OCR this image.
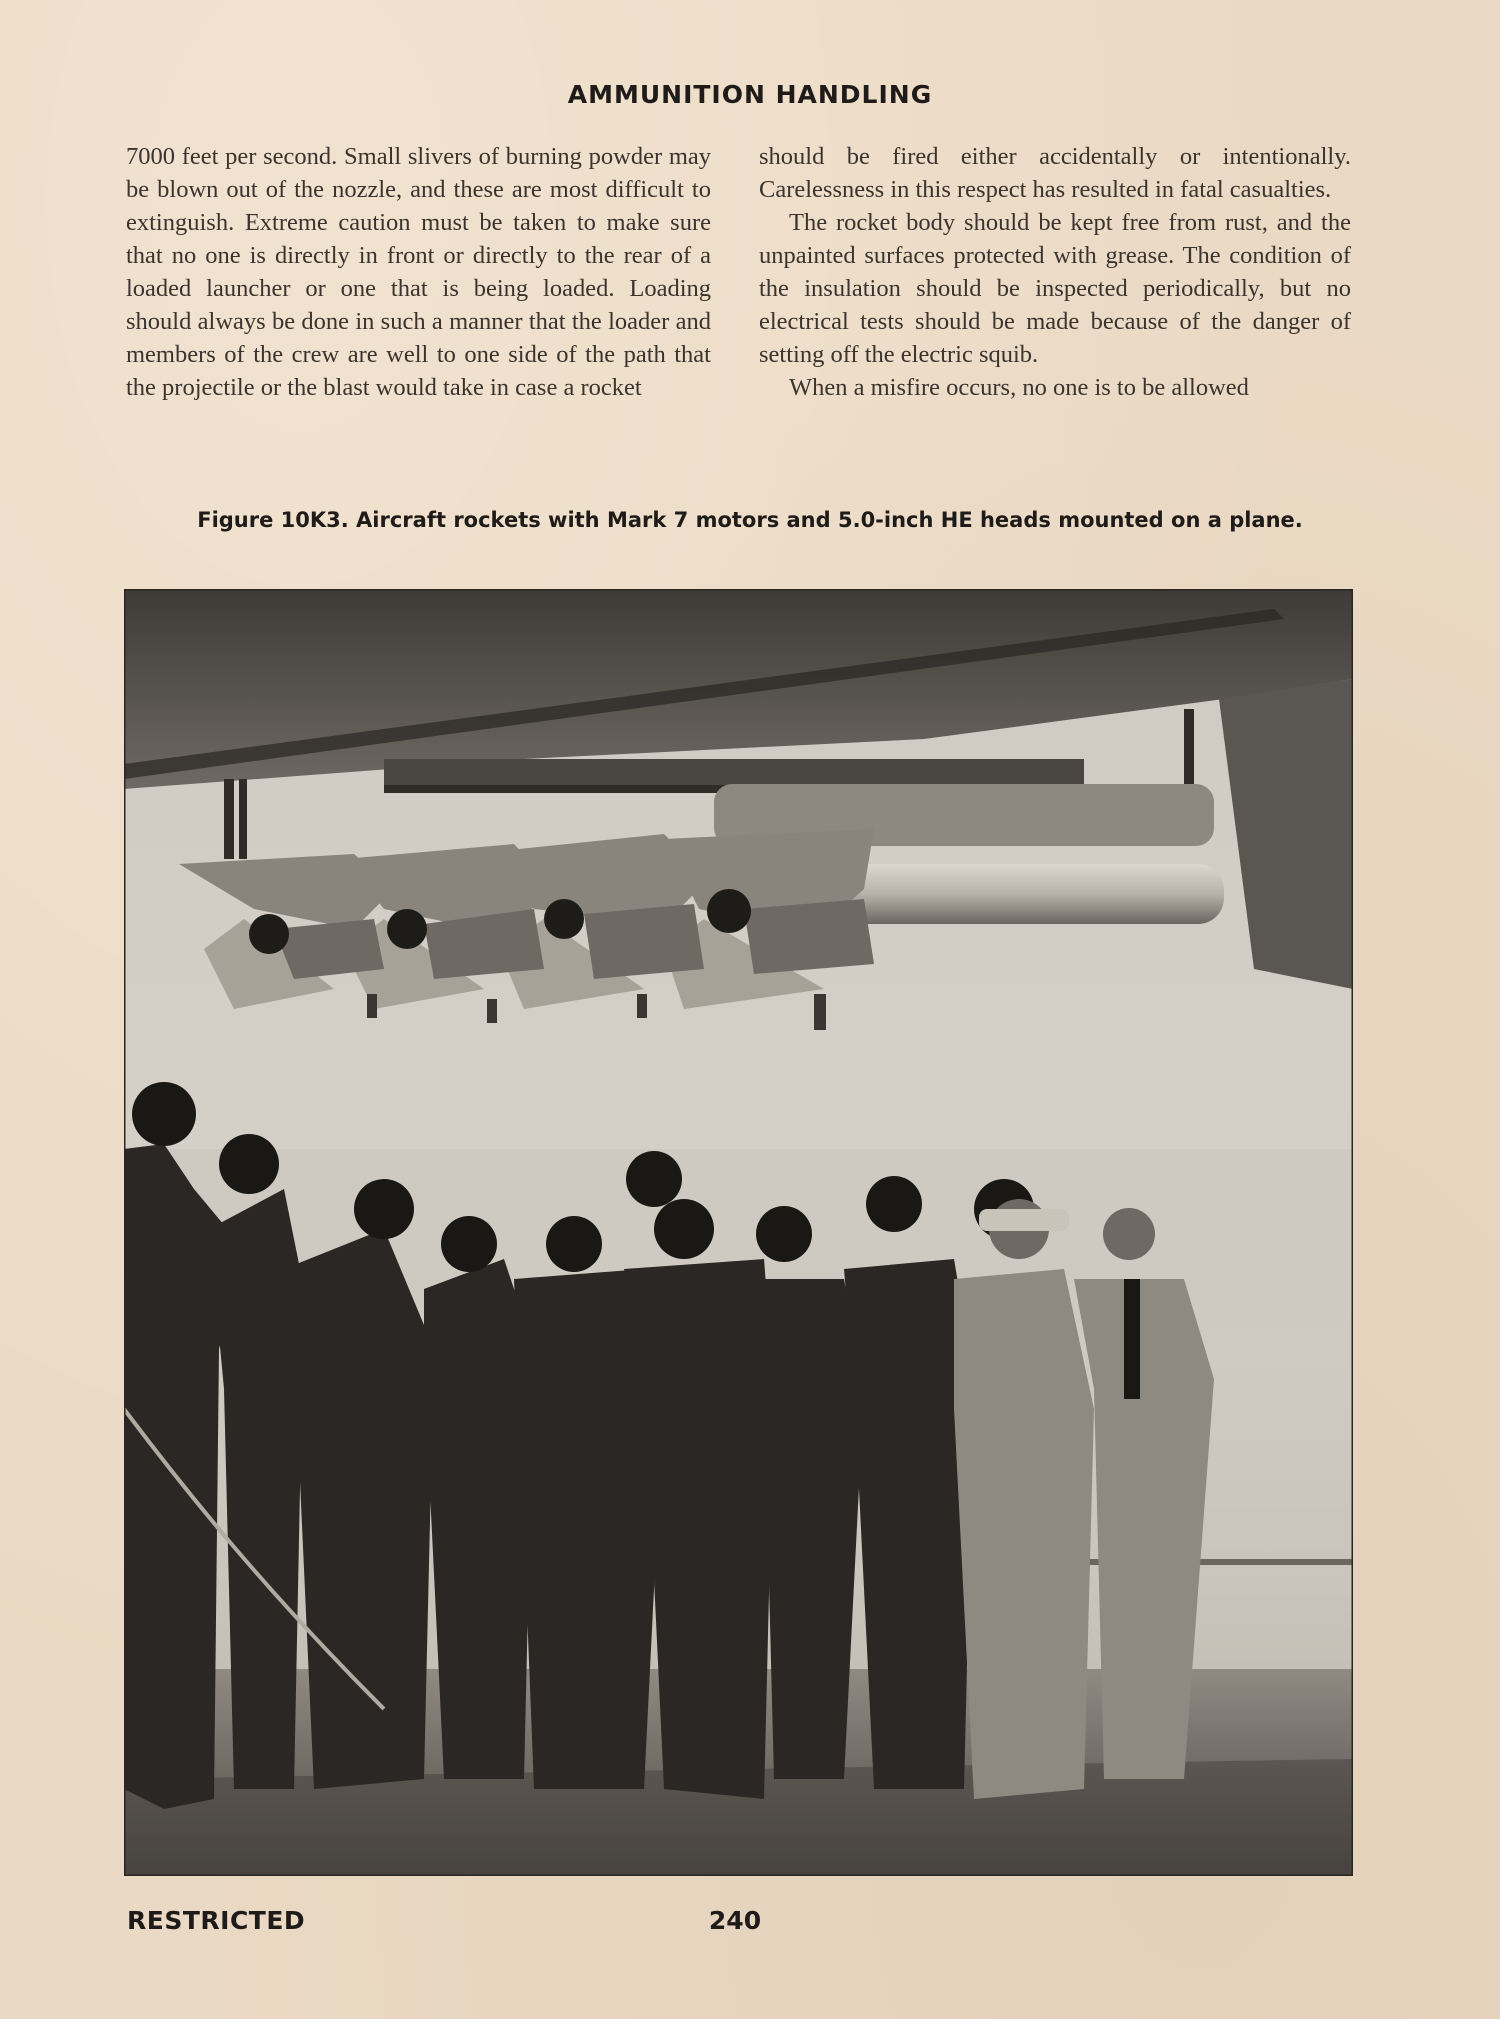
AMMUNITION HANDLING

7000 feet per second. Small slivers of burning powder may be blown out of the nozzle, and these are most difficult to extinguish. Extreme caution must be taken to make sure that no one is directly in front or directly to the rear of a loaded launcher or one that is being loaded. Loading should always be done in such a manner that the loader and members of the crew are well to one side of the path that the projectile or the blast would take in case a rocket

should be fired either accidentally or intentionally. Carelessness in this respect has resulted in fatal casualties.

The rocket body should be kept free from rust, and the unpainted surfaces protected with grease. The condition of the insulation should be inspected periodically, but no electrical tests should be made because of the danger of setting off the electric squib.

When a misfire occurs, no one is to be allowed

Figure 10K3. Aircraft rockets with Mark 7 motors and 5.0-inch HE heads mounted on a plane.
RESTRICTED	240
